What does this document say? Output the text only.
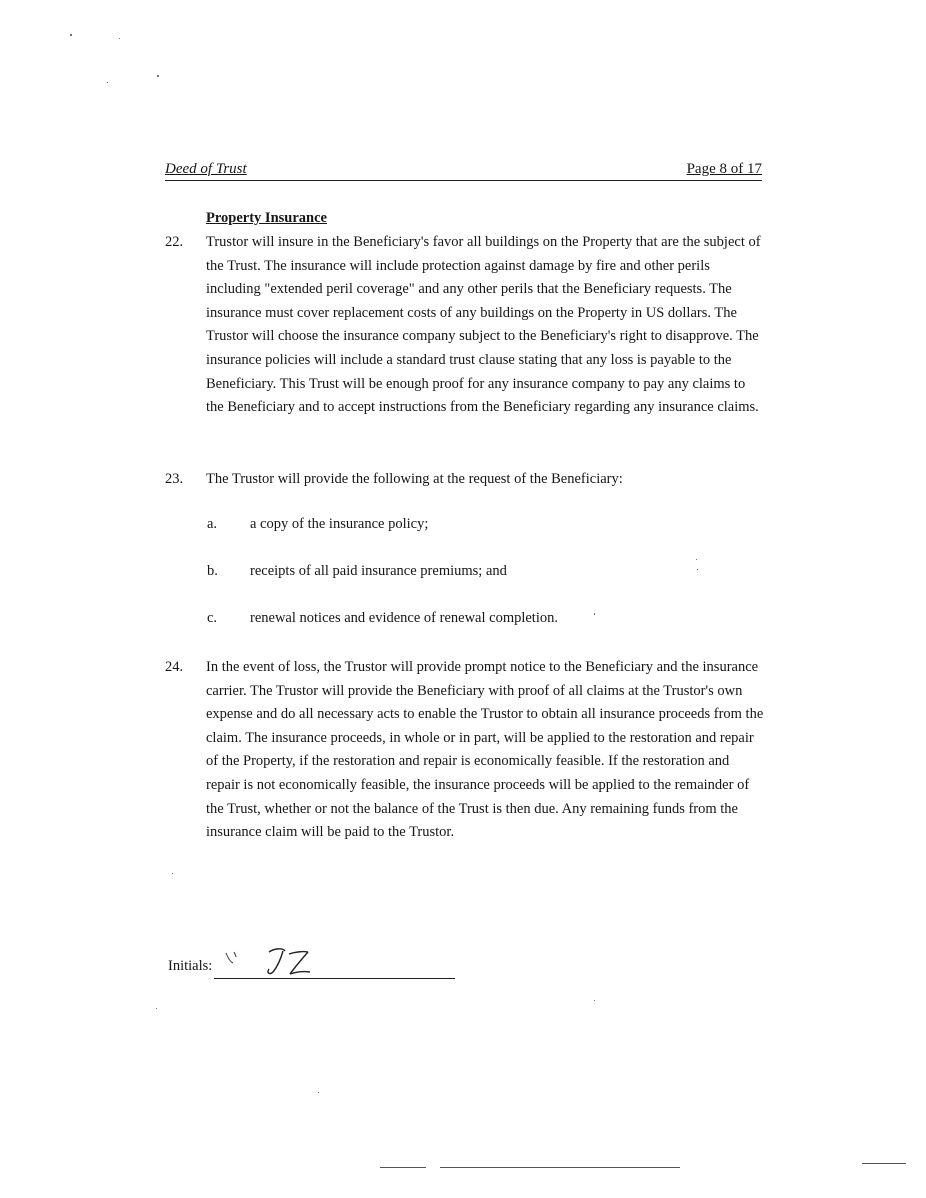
Deed of Trust	Page 8 of 17
Property Insurance
22. Trustor will insure in the Beneficiary's favor all buildings on the Property that are the subject of the Trust. The insurance will include protection against damage by fire and other perils including "extended peril coverage" and any other perils that the Beneficiary requests. The insurance must cover replacement costs of any buildings on the Property in US dollars. The Trustor will choose the insurance company subject to the Beneficiary's right to disapprove. The insurance policies will include a standard trust clause stating that any loss is payable to the Beneficiary. This Trust will be enough proof for any insurance company to pay any claims to the Beneficiary and to accept instructions from the Beneficiary regarding any insurance claims.
23. The Trustor will provide the following at the request of the Beneficiary:
a. a copy of the insurance policy;
b. receipts of all paid insurance premiums; and
c. renewal notices and evidence of renewal completion.
24. In the event of loss, the Trustor will provide prompt notice to the Beneficiary and the insurance carrier. The Trustor will provide the Beneficiary with proof of all claims at the Trustor's own expense and do all necessary acts to enable the Trustor to obtain all insurance proceeds from the claim. The insurance proceeds, in whole or in part, will be applied to the restoration and repair of the Property, if the restoration and repair is economically feasible. If the restoration and repair is not economically feasible, the insurance proceeds will be applied to the remainder of the Trust, whether or not the balance of the Trust is then due. Any remaining funds from the insurance claim will be paid to the Trustor.
Initials:
